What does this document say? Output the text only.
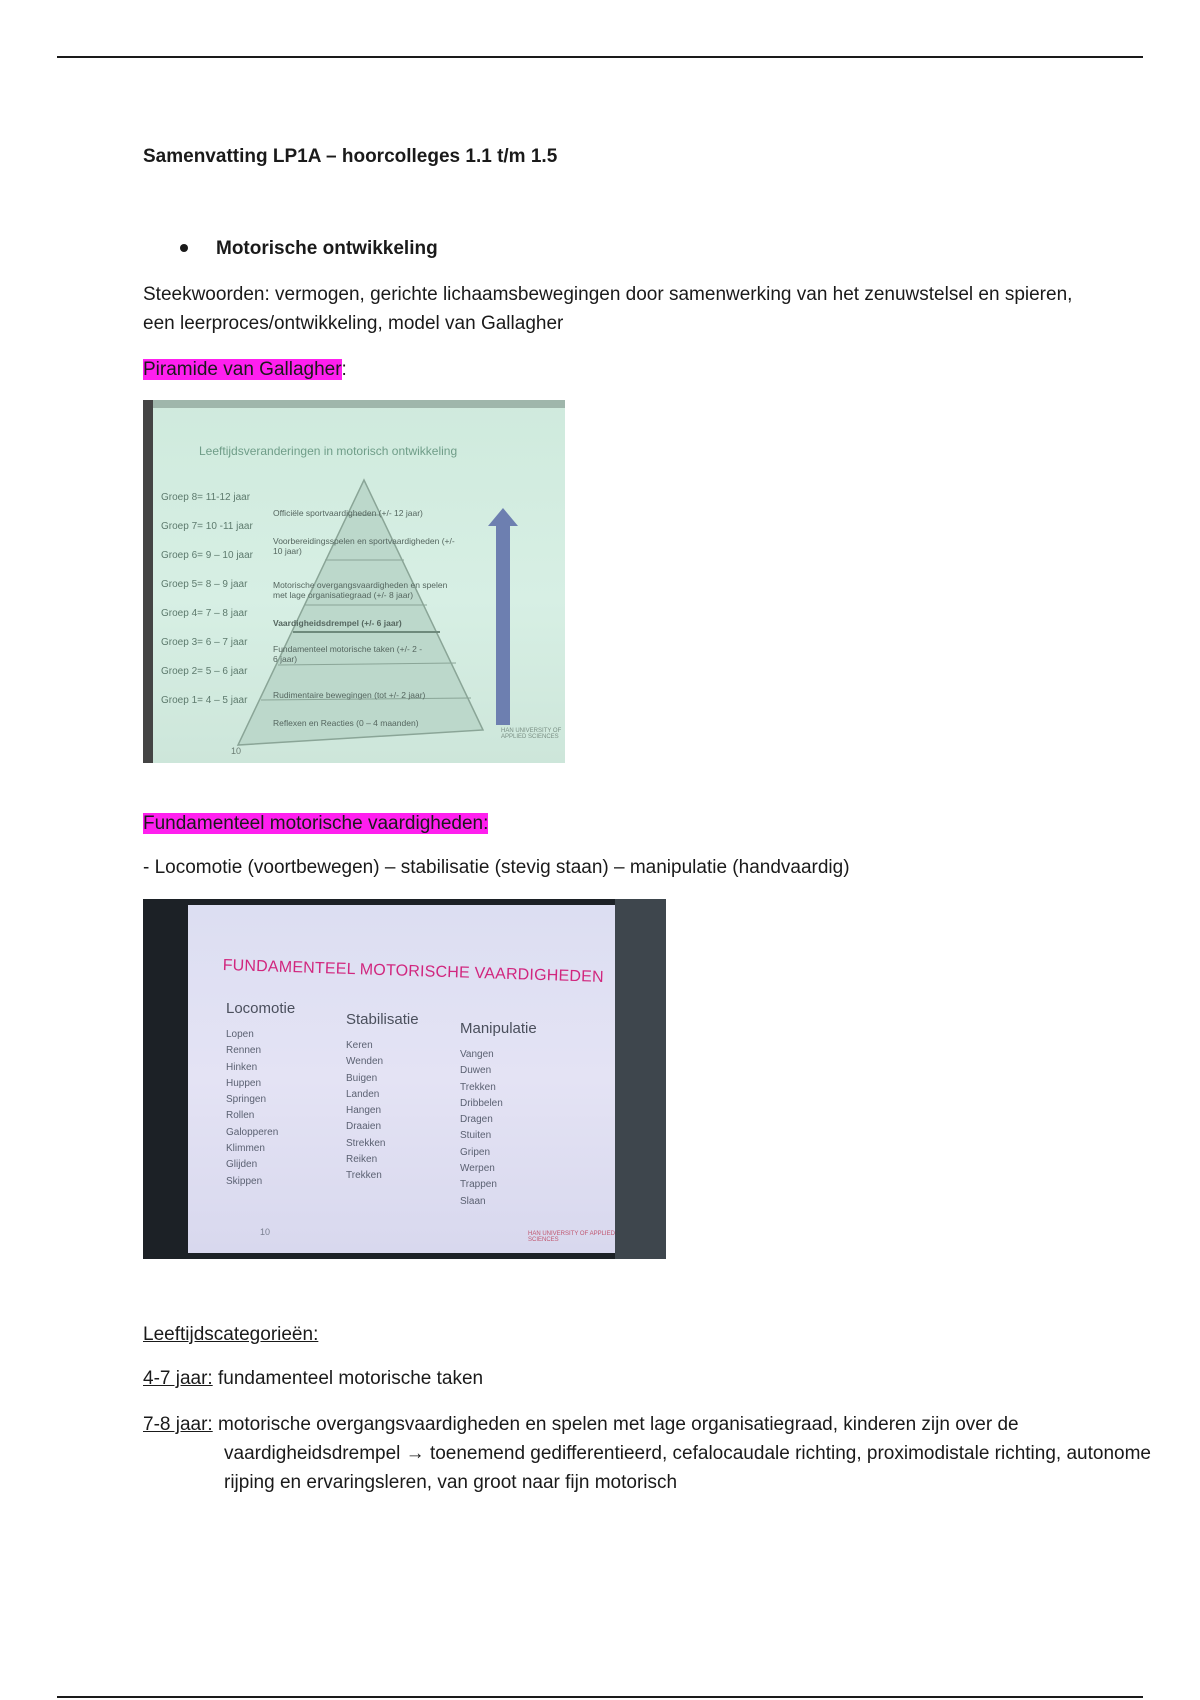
Samenvatting LP1A – hoorcolleges 1.1 t/m 1.5
Motorische ontwikkeling
Steekwoorden: vermogen, gerichte lichaamsbewegingen door samenwerking van het zenuwstelsel en spieren, een leerproces/ontwikkeling, model van Gallagher
Piramide van Gallagher:
Leeftijdsveranderingen in motorisch ontwikkeling
Groep 8= 11-12 jaar
Groep 7= 10 -11 jaar
Groep 6= 9 – 10 jaar
Groep 5= 8 – 9 jaar
Groep 4= 7 – 8 jaar
Groep 3= 6 – 7 jaar
Groep 2= 5 – 6 jaar
Groep 1= 4 – 5 jaar
Officiële sportvaardigheden (+/- 12 jaar)
Voorbereidingsspelen en sportvaardigheden (+/- 10 jaar)
Motorische overgangsvaardigheden en spelen met lage organisatiegraad (+/- 8 jaar)
Vaardigheidsdrempel (+/- 6 jaar)
Fundamenteel motorische taken (+/- 2 - 6 jaar)
Rudimentaire bewegingen (tot +/- 2 jaar)
Reflexen en Reacties (0 – 4 maanden)
10
HAN UNIVERSITY OF APPLIED SCIENCES
Fundamenteel motorische vaardigheden:
- Locomotie (voortbewegen) – stabilisatie (stevig staan) – manipulatie (handvaardig)
FUNDAMENTEEL MOTORISCHE VAARDIGHEDEN
Locomotie
Lopen
Rennen
Hinken
Huppen
Springen
Rollen
Galopperen
Klimmen
Glijden
Skippen
Stabilisatie
Keren
Wenden
Buigen
Landen
Hangen
Draaien
Strekken
Reiken
Trekken
Manipulatie
Vangen
Duwen
Trekken
Dribbelen
Dragen
Stuiten
Gripen
Werpen
Trappen
Slaan
10	HAN UNIVERSITY OF APPLIED SCIENCES
Leeftijdscategorieën:
4-7 jaar: fundamenteel motorische taken
7-8 jaar: motorische overgangsvaardigheden en spelen met lage organisatiegraad, kinderen zijn over de vaardigheidsdrempel → toenemend gedifferentieerd, cefalocaudale richting, proximodistale richting, autonome rijping en ervaringsleren, van groot naar fijn motorisch
